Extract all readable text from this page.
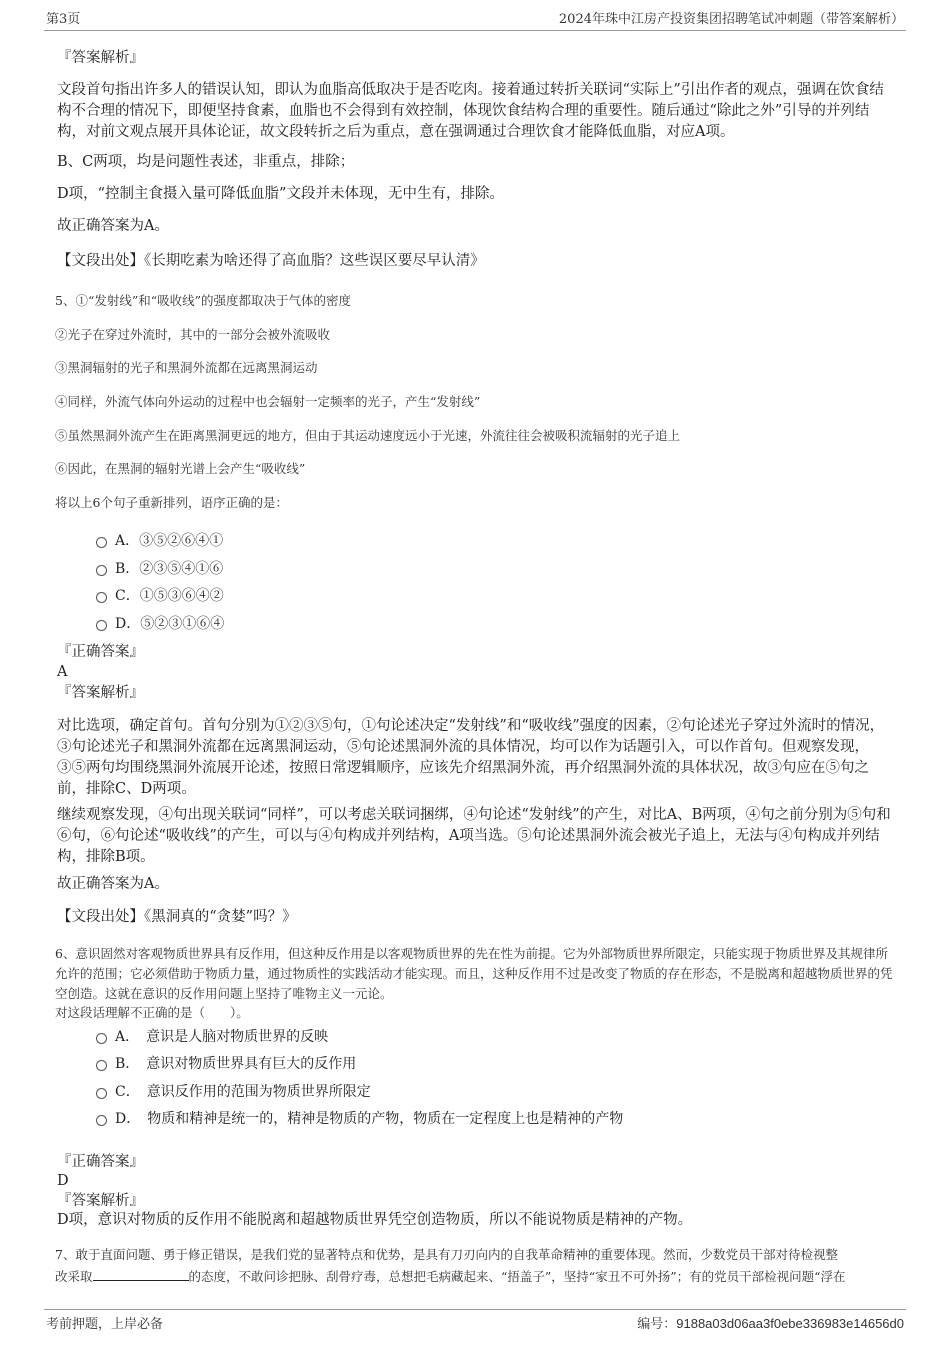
第3页	2024年珠中江房产投资集团招聘笔试冲刺题（带答案解析）
『答案解析』
文段首句指出许多人的错误认知，即认为血脂高低取决于是否吃肉。接着通过转折关联词“实际上”引出作者的观点，强调在饮食结构不合理的情况下，即便坚持食素，血脂也不会得到有效控制，体现饮食结构合理的重要性。随后通过“除此之外”引导的并列结构，对前文观点展开具体论证，故文段转折之后为重点，意在强调通过合理饮食才能降低血脂，对应A项。
B、C两项，均是问题性表述，非重点，排除；
D项，“控制主食摄入量可降低血脂”文段并未体现，无中生有，排除。
故正确答案为A。
【文段出处】《长期吃素为啥还得了高血脂？这些误区要尽早认清》
5、①“发射线”和“吸收线”的强度都取决于气体的密度
②光子在穿过外流时，其中的一部分会被外流吸收
③黑洞辐射的光子和黑洞外流都在远离黑洞运动
④同样，外流气体向外运动的过程中也会辐射一定频率的光子，产生“发射线”
⑤虽然黑洞外流产生在距离黑洞更远的地方，但由于其运动速度远小于光速，外流往往会被吸积流辐射的光子追上
⑥因此，在黑洞的辐射光谱上会产生“吸收线”
将以上6个句子重新排列，语序正确的是：
A．③⑤②⑥④①
B．②③⑤④①⑥
C．①⑤③⑥④②
D．⑤②③①⑥④
『正确答案』
A
『答案解析』
对比选项，确定首句。首句分别为①②③⑤句，①句论述决定“发射线”和“吸收线”强度的因素，②句论述光子穿过外流时的情况，③句论述光子和黑洞外流都在远离黑洞运动，⑤句论述黑洞外流的具体情况，均可以作为话题引入，可以作首句。但观察发现，③⑤两句均围绕黑洞外流展开论述，按照日常逻辑顺序，应该先介绍黑洞外流，再介绍黑洞外流的具体状况，故③句应在⑤句之前，排除C、D两项。
继续观察发现，④句出现关联词“同样”，可以考虑关联词捆绑，④句论述“发射线”的产生，对比A、B两项，④句之前分别为⑤句和⑥句，⑥句论述“吸收线”的产生，可以与④句构成并列结构，A项当选。⑤句论述黑洞外流会被光子追上，无法与④句构成并列结构，排除B项。
故正确答案为A。
【文段出处】《黑洞真的“贪婪”吗？》
6、意识固然对客观物质世界具有反作用，但这种反作用是以客观物质世界的先在性为前提。它为外部物质世界所限定，只能实现于物质世界及其规律所允许的范围；它必须借助于物质力量，通过物质性的实践活动才能实现。而且，这种反作用不过是改变了物质的存在形态，不是脱离和超越物质世界的凭空创造。这就在意识的反作用问题上坚持了唯物主义一元论。
对这段话理解不正确的是（　　）。
A．　意识是人脑对物质世界的反映
B．　意识对物质世界具有巨大的反作用
C．　意识反作用的范围为物质世界所限定
D．　物质和精神是统一的，精神是物质的产物，物质在一定程度上也是精神的产物
『正确答案』
D
『答案解析』
D项，意识对物质的反作用不能脱离和超越物质世界凭空创造物质，所以不能说物质是精神的产物。
7、敢于直面问题、勇于修正错误，是我们党的显著特点和优势，是具有刀刃向内的自我革命精神的重要体现。然而，少数党员干部对待检视整
改采取	的态度，不敢问诊把脉、刮骨疗毒，总想把毛病藏起来、“捂盖子”，坚持“家丑不可外扬”；有的党员干部检视问题“浮在
考前押题，上岸必备	编号：9188a03d06aa3f0ebe336983e14656d0
